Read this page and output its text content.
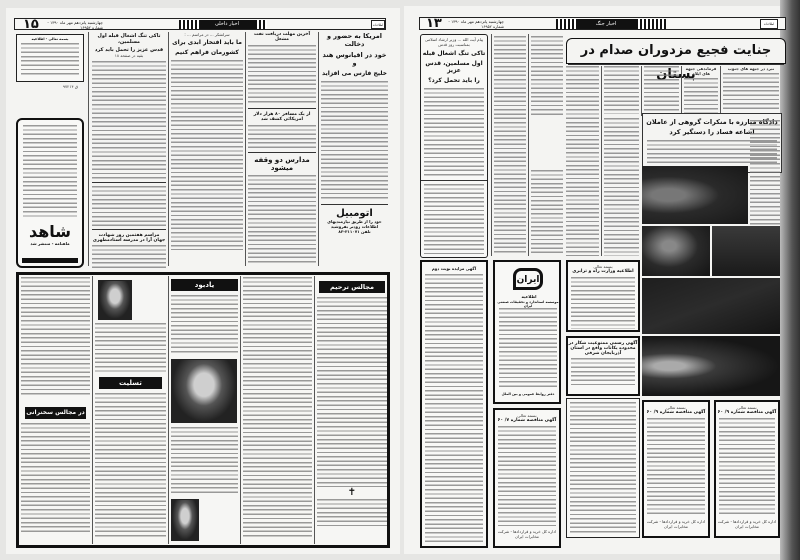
۱۵	چهارشنبه پانزدهم مهر ماه ۱۳۹۰ - شماره ۱۶۹۵۲
اخبار داخلی	اطلاعات
بسمه تعالی - اطلاعیه
ق ۹۷۲۱۴
شاهد
ماهنامه - منتشر شد
تاکی تنگ اشغال قبله اول مسلمین،
قدس عزیز را تحمل باید کرد
بقیه در صفحه ۱۸
مراسم هفتمین روز شهادت
جهان آرا در مدرسه استادمطهری
سرلشکر ... در مراسم ... :
ما باید افتخار ابدی برای
کشورمان فراهم کنیم
آخرین مهلت دریافت نفت مشعل
از یک مسافر ۸۰ هزار دلار
امریکائی کشف شد
مدارس دو وقفه میشود
امریکا به حضور و دخالت
خود در اقیانوس هند و
خلیج فارس می افزاید
اتومبیل
خود را از طریق نیازمندیهای
اطلاعات زودتر بفروشید
تلفن ۳۱۱۰۷۱-۸۳
در مجالس سخنرانی
تسلیت
یادبود	مجالس ترحیم
✝
۱۳	چهارشنبه پانزدهم مهر ماه ۱۳۹۰ - شماره ۱۶۹۵۲	اخبار جنگ	اطلاعات
پیام آیت الله ... وزیر ارشاد اسلامی بمناسبت روز قدس
تاکی تنگ اشغال قبله
اول مسلمین، قدس عزیز
را باید تحمل کرد؟
جنایت فجیع مزدوران صدام در بستان
فرماندهی جبهه های ایلام
نبرد در جبهه های جنوب
دادگاه مبارزه با منکرات گروهی از عاملان
اشاعه فساد را دستگیر کرد
آگهی مزایده نوبت دوم
ایران
اطلاعیه
موسسه استاندارد و تحقیقات صنعتی ایران
دفتر روابط عمومی و بین الملل
بسمه تعالی
اطلاعیه وزارت راه و ترابری
آگهی رسمی ممنوعیت شکار در
محدوده یکانات واقع در استان
آذربایجان شرقی
بسمه تعالی
آگهی مناقصه شماره ۷/ ۶۰
اداره کل خرید و قراردادها - شرکت مخابرات ایران
بسمه تعالی
آگهی مناقصه شماره ۹/ ۶۰
اداره کل خرید و قراردادها - شرکت مخابرات ایران
بسمه تعالی
آگهی مناقصه شماره ۹/ ۶۰
اداره کل خرید و قراردادها - شرکت مخابرات ایران
